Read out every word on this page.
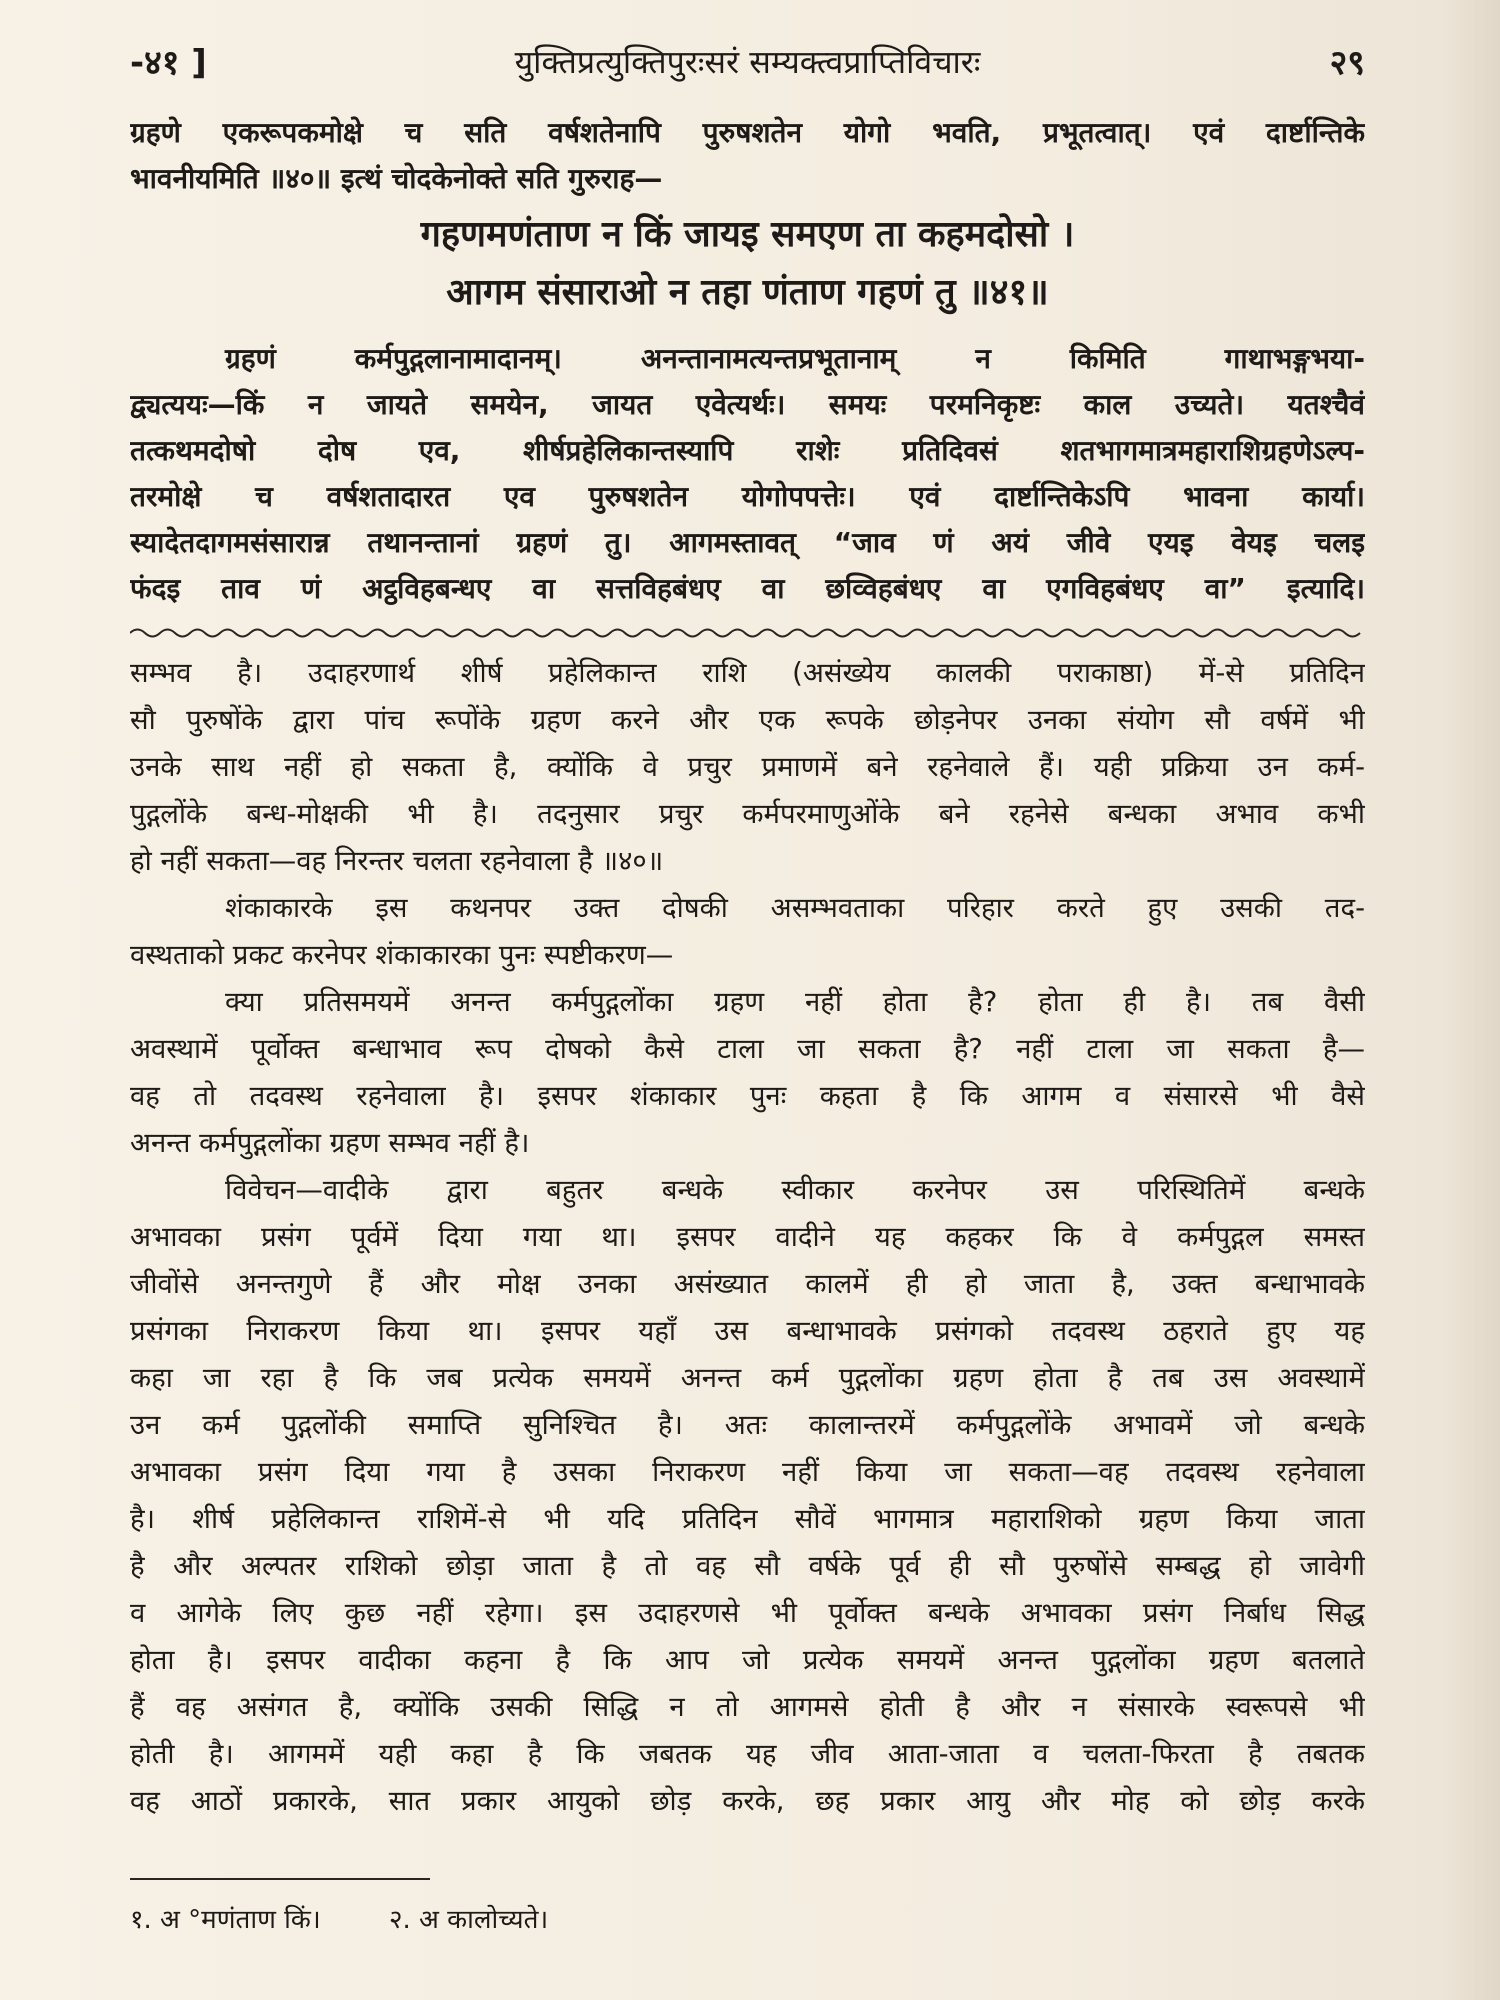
-४१ ]	युक्तिप्रत्युक्तिपुरःसरं सम्यक्त्वप्राप्तिविचारः	२९
ग्रहणे एकरूपकमोक्षे च सति वर्षशतेनापि पुरुषशतेन योगो भवति, प्रभूतत्वात्। एवं दार्ष्टान्तिके
भावनीयमिति ॥४०॥ इत्थं चोदकेनोक्ते सति गुरुराह—
गहणमणंताण न किं जायइ समएण ता कहमदोसो ।
आगम संसाराओ न तहा णंताण गहणं तु ॥४१॥
ग्रहणं कर्मपुद्गलानामादानम्। अनन्तानामत्यन्तप्रभूतानाम् न किमिति गाथाभङ्गभया-
द्व्यत्ययः—किं न जायते समयेन, जायत एवेत्यर्थः। समयः परमनिकृष्टः काल उच्यते। यतश्चैवं
तत्कथमदोषो दोष एव, शीर्षप्रहेलिकान्तस्यापि राशेः प्रतिदिवसं शतभागमात्रमहाराशिग्रहणेऽल्प-
तरमोक्षे च वर्षशतादारत एव पुरुषशतेन योगोपपत्तेः। एवं दार्ष्टान्तिकेऽपि भावना कार्या।
स्यादेतदागमसंसारान्न तथानन्तानां ग्रहणं तु। आगमस्तावत् “जाव णं अयं जीवे एयइ वेयइ चलइ
फंदइ ताव णं अट्ठविहबन्धए वा सत्तविहबंधए वा छव्विहबंधए वा एगविहबंधए वा” इत्यादि।
सम्भव है। उदाहरणार्थ शीर्ष प्रहेलिकान्त राशि (असंख्येय कालकी पराकाष्ठा) में-से प्रतिदिन
सौ पुरुषोंके द्वारा पांच रूपोंके ग्रहण करने और एक रूपके छोड़नेपर उनका संयोग सौ वर्षमें भी
उनके साथ नहीं हो सकता है, क्योंकि वे प्रचुर प्रमाणमें बने रहनेवाले हैं। यही प्रक्रिया उन कर्म-
पुद्गलोंके बन्ध-मोक्षकी भी है। तदनुसार प्रचुर कर्मपरमाणुओंके बने रहनेसे बन्धका अभाव कभी
हो नहीं सकता—वह निरन्तर चलता रहनेवाला है ॥४०॥
शंकाकारके इस कथनपर उक्त दोषकी असम्भवताका परिहार करते हुए उसकी तद-
वस्थताको प्रकट करनेपर शंकाकारका पुनः स्पष्टीकरण—
क्या प्रतिसमयमें अनन्त कर्मपुद्गलोंका ग्रहण नहीं होता है? होता ही है। तब वैसी
अवस्थामें पूर्वोक्त बन्धाभाव रूप दोषको कैसे टाला जा सकता है? नहीं टाला जा सकता है—
वह तो तदवस्थ रहनेवाला है। इसपर शंकाकार पुनः कहता है कि आगम व संसारसे भी वैसे
अनन्त कर्मपुद्गलोंका ग्रहण सम्भव नहीं है।
विवेचन—वादीके द्वारा बहुतर बन्धके स्वीकार करनेपर उस परिस्थितिमें बन्धके
अभावका प्रसंग पूर्वमें दिया गया था। इसपर वादीने यह कहकर कि वे कर्मपुद्गल समस्त
जीवोंसे अनन्तगुणे हैं और मोक्ष उनका असंख्यात कालमें ही हो जाता है, उक्त बन्धाभावके
प्रसंगका निराकरण किया था। इसपर यहाँ उस बन्धाभावके प्रसंगको तदवस्थ ठहराते हुए यह
कहा जा रहा है कि जब प्रत्येक समयमें अनन्त कर्म पुद्गलोंका ग्रहण होता है तब उस अवस्थामें
उन कर्म पुद्गलोंकी समाप्ति सुनिश्चित है। अतः कालान्तरमें कर्मपुद्गलोंके अभावमें जो बन्धके
अभावका प्रसंग दिया गया है उसका निराकरण नहीं किया जा सकता—वह तदवस्थ रहनेवाला
है। शीर्ष प्रहेलिकान्त राशिमें-से भी यदि प्रतिदिन सौवें भागमात्र महाराशिको ग्रहण किया जाता
है और अल्पतर राशिको छोड़ा जाता है तो वह सौ वर्षके पूर्व ही सौ पुरुषोंसे सम्बद्ध हो जावेगी
व आगेके लिए कुछ नहीं रहेगा। इस उदाहरणसे भी पूर्वोक्त बन्धके अभावका प्रसंग निर्बाध सिद्ध
होता है। इसपर वादीका कहना है कि आप जो प्रत्येक समयमें अनन्त पुद्गलोंका ग्रहण बतलाते
हैं वह असंगत है, क्योंकि उसकी सिद्धि न तो आगमसे होती है और न संसारके स्वरूपसे भी
होती है। आगममें यही कहा है कि जबतक यह जीव आता-जाता व चलता-फिरता है तबतक
वह आठों प्रकारके, सात प्रकार आयुको छोड़ करके, छह प्रकार आयु और मोह को छोड़ करके
१. अ °मणंताण किं।	२. अ कालोच्यते।
